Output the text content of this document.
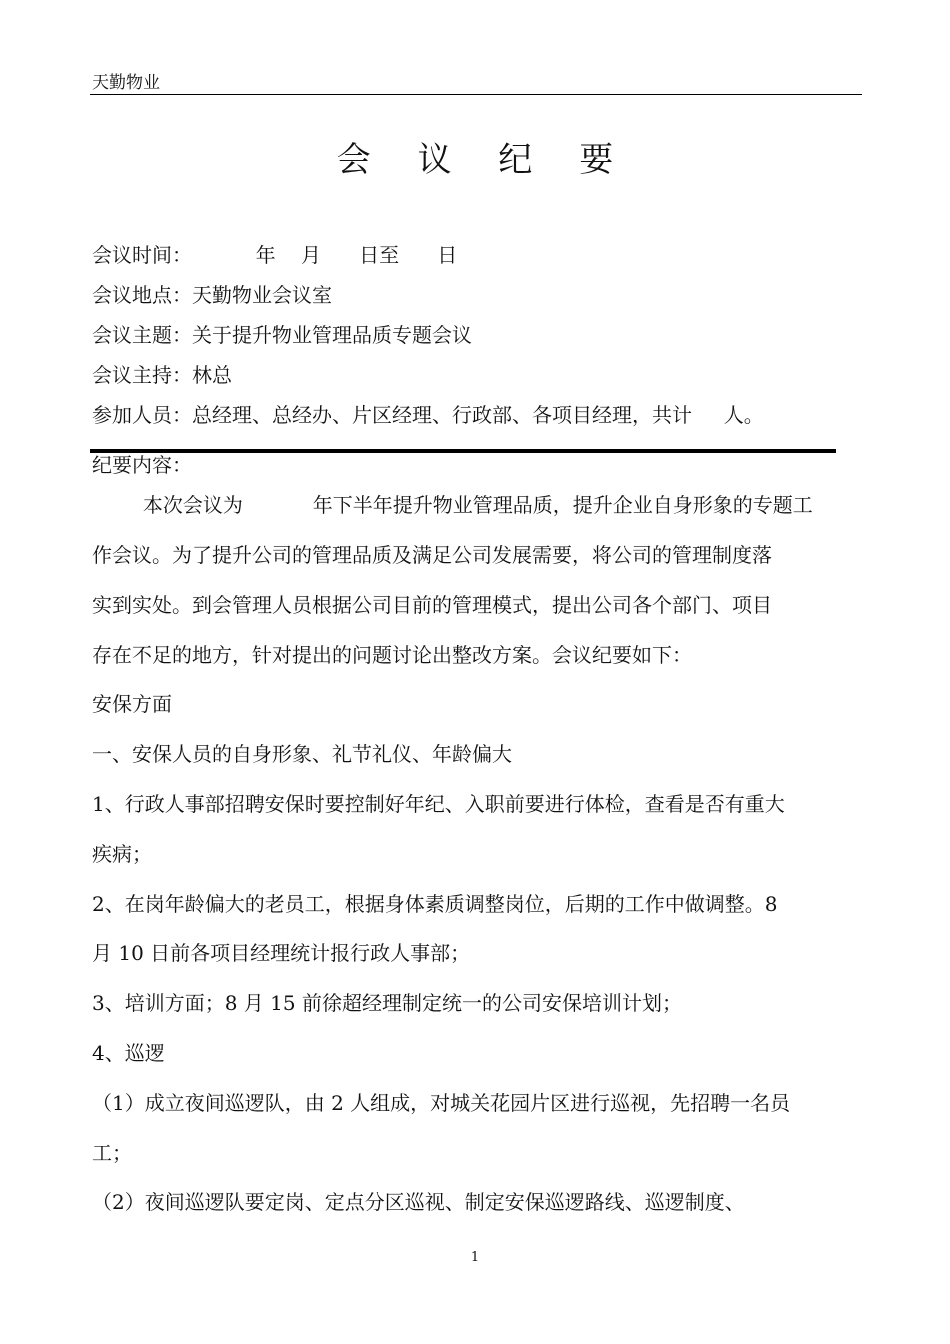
天勤物业
会 议 纪 要
会议时间：          年    月      日至      日
会议地点：天勤物业会议室
会议主题：关于提升物业管理品质专题会议
会议主持：林总
参加人员：总经理、总经办、片区经理、行政部、各项目经理，共计     人。
纪要内容：
本次会议为           年下半年提升物业管理品质，提升企业自身形象的专题工
作会议。为了提升公司的管理品质及满足公司发展需要，将公司的管理制度落
实到实处。到会管理人员根据公司目前的管理模式，提出公司各个部门、项目
存在不足的地方，针对提出的问题讨论出整改方案。会议纪要如下：
安保方面
一、安保人员的自身形象、礼节礼仪、年龄偏大
1、行政人事部招聘安保时要控制好年纪、入职前要进行体检，查看是否有重大
疾病；
2、在岗年龄偏大的老员工，根据身体素质调整岗位，后期的工作中做调整。8
月 10 日前各项目经理统计报行政人事部；
3、培训方面；8 月 15 前徐超经理制定统一的公司安保培训计划；
4、巡逻
（1）成立夜间巡逻队，由 2 人组成，对城关花园片区进行巡视，先招聘一名员
工；
（2）夜间巡逻队要定岗、定点分区巡视、制定安保巡逻路线、巡逻制度、
1
